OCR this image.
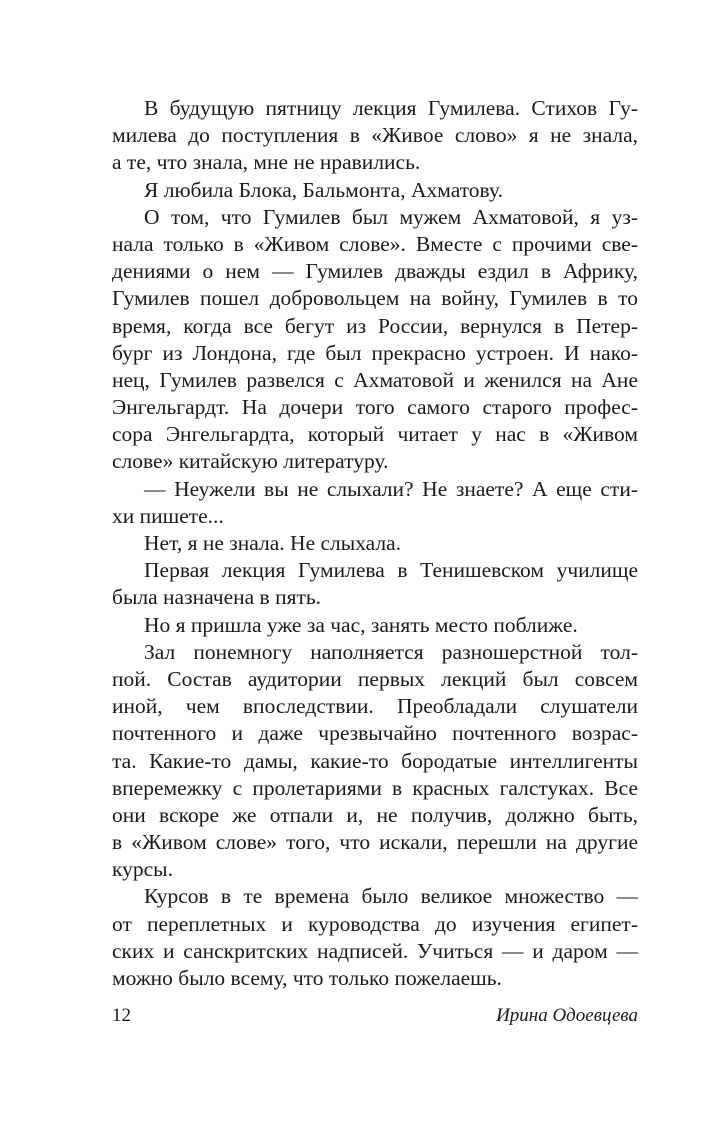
В будущую пятницу лекция Гумилева. Стихов Гу-
милева до поступления в «Живое слово» я не знала,
а те, что знала, мне не нравились.
Я любила Блока, Бальмонта, Ахматову.
О том, что Гумилев был мужем Ахматовой, я уз-
нала только в «Живом слове». Вместе с прочими све-
дениями о нем — Гумилев дважды ездил в Африку,
Гумилев пошел добровольцем на войну, Гумилев в то
время, когда все бегут из России, вернулся в Петер-
бург из Лондона, где был прекрасно устроен. И нако-
нец, Гумилев развелся с Ахматовой и женился на Ане
Энгельгардт. На дочери того самого старого профес-
сора Энгельгардта, который читает у нас в «Живом
слове» китайскую литературу.
— Неужели вы не слыхали? Не знаете? А еще сти-
хи пишете...
Нет, я не знала. Не слыхала.
Первая лекция Гумилева в Тенишевском училище
была назначена в пять.
Но я пришла уже за час, занять место поближе.
Зал понемногу наполняется разношерстной тол-
пой. Состав аудитории первых лекций был совсем
иной, чем впоследствии. Преобладали слушатели
почтенного и даже чрезвычайно почтенного возрас-
та. Какие-то дамы, какие-то бородатые интеллигенты
вперемежку с пролетариями в красных галстуках. Все
они вскоре же отпали и, не получив, должно быть,
в «Живом слове» того, что искали, перешли на другие
курсы.
Курсов в те времена было великое множество —
от переплетных и куроводства до изучения египет-
ских и санскритских надписей. Учиться — и даром —
можно было всему, что только пожелаешь.
12	Ирина Одоевцева
